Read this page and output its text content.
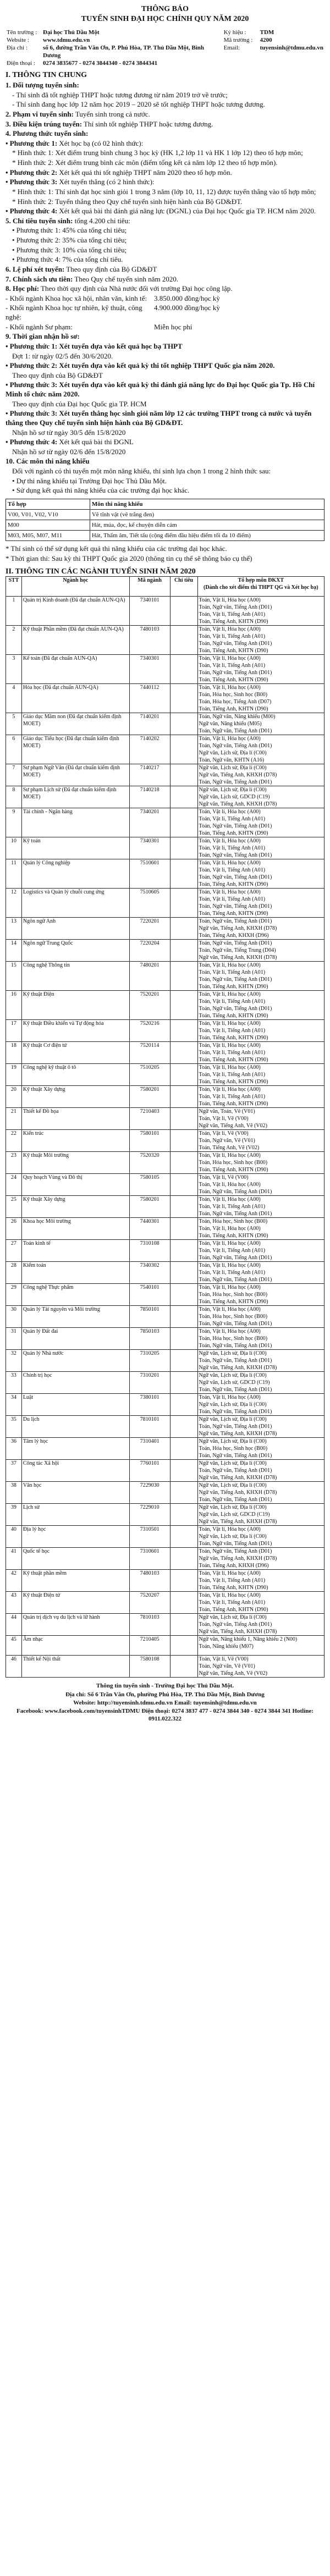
THÔNG BÁO
TUYỂN SINH ĐẠI HỌC CHÍNH QUY NĂM 2020
Tên trường :	Đại học Thủ Dầu Một	Ký hiệu :	TDM
Website :	www.tdmu.edu.vn	Mã trường :	4200
Địa chỉ :	số 6, đường Trần Văn Ơn, P. Phú Hòa, TP. Thủ Dầu Một, Bình Dương	Email:	tuyensinh@tdmu.edu.vn
Điện thoại :	0274 3835677 - 0274 3844340 - 0274 3844341		
I. THÔNG TIN CHUNG
1. Đối tượng tuyển sinh:
- Thí sinh đã tốt nghiệp THPT hoặc tương đương từ năm 2019 trở về trước;
- Thí sinh đang học lớp 12 năm học 2019 – 2020 sẽ tốt nghiệp THPT hoặc tương đương.
2. Phạm vi tuyển sinh: Tuyển sinh trong cả nước.
3. Điều kiện trúng tuyển: Thí sinh tốt nghiệp THPT hoặc tương đương.
4. Phương thức tuyển sinh:
• Phương thức 1: Xét học bạ (có 02 hình thức):
* Hình thức 1: Xét điểm trung bình chung 3 học kỳ (HK 1,2 lớp 11 và HK 1 lớp 12) theo tổ hợp môn;
* Hình thức 2: Xét điểm trung bình các môn (điểm tổng kết cả năm lớp 12 theo tổ hợp môn).
• Phương thức 2: Xét kết quả thi tốt nghiệp THPT năm 2020 theo tổ hợp môn.
• Phương thức 3: Xét tuyển thẳng (có 2 hình thức):
* Hình thức 1: Thí sinh đạt học sinh giỏi 1 trong 3 năm (lớp 10, 11, 12) được tuyển thẳng vào tổ hợp môn;
* Hình thức 2: Tuyển thẳng theo Quy chế tuyển sinh hiện hành của Bộ GD&ĐT.
• Phương thức 4: Xét kết quả bài thi đánh giá năng lực (ĐGNL) của Đại học Quốc gia TP. HCM năm 2020.
5. Chỉ tiêu tuyển sinh: tổng 4.200 chỉ tiêu:
• Phương thức 1: 45% của tổng chỉ tiêu;
• Phương thức 2: 35% của tổng chỉ tiêu;
• Phương thức 3: 10% của tổng chỉ tiêu;
• Phương thức 4: 7% của tổng chỉ tiêu.
6. Lệ phí xét tuyển: Theo quy định của Bộ GD&ĐT
7. Chính sách ưu tiên: Theo Quy chế tuyển sinh năm 2020.
8. Học phí: Theo thời quy định của Nhà nước đối với trường Đại học công lập.
- Khối ngành Khoa học xã hội, nhân văn, kinh tế: 3.850.000 đồng/học kỳ
- Khối ngành Khoa học tự nhiên, kỹ thuật, công nghệ:
4.900.000 đồng/học kỳ
- Khối ngành Sư phạm:	Miễn học phí
9. Thời gian nhận hồ sơ:
• Phương thức 1: Xét tuyển dựa vào kết quả học bạ THPT
Đợt 1: từ ngày 02/5 đến 30/6/2020.
• Phương thức 2: Xét tuyển dựa vào kết quả kỳ thi tốt nghiệp THPT Quốc gia năm 2020.
Theo quy định của Bộ GD&ĐT
• Phương thức 3: Xét tuyển dựa vào kết quả kỳ thi đánh giá năng lực do Đại học Quốc gia Tp. Hồ Chí Minh tổ chức năm 2020.
Theo quy định của Đại học Quốc gia TP. HCM
• Phương thức 3: Xét tuyển thẳng học sinh giỏi năm lớp 12 các trường THPT trong cả nước và tuyển thẳng theo Quy chế tuyển sinh hiện hành của Bộ GD&ĐT.
Nhận hồ sơ từ ngày 30/5 đến 15/8/2020
• Phương thức 4: Xét kết quả bài thi ĐGNL
Nhận hồ sơ từ ngày 02/6 đến 15/8/2020
10. Các môn thi năng khiếu
Đối với ngành có thi tuyển một môn năng khiếu, thí sinh lựa chọn 1 trong 2 hình thức sau:
• Dự thi năng khiếu tại Trường Đại học Thủ Dầu Một.
• Sử dụng kết quả thi năng khiếu của các trường đại học khác.
Tổ hợp	Môn thi năng khiếu
V00, V01, V02, V10	Vẽ tĩnh vật (vẽ trắng đen)
M00	Hát, múa, đọc, kể chuyện diễn cảm
M03, M05, M07, M11	Hát, Thẩm âm, Tiết tấu (cộng điểm đầu hiệu điểm tối đa 10 điểm)
* Thí sinh có thể sử dụng kết quả thi năng khiếu của các trường đại học khác.
* Thời gian thi: Sau kỳ thi THPT Quốc gia 2020 (thông tin cụ thể sẽ thông báo cụ thể)
II. THÔNG TIN CÁC NGÀNH TUYỂN SINH NĂM 2020
STT	Ngành học	Mã ngành	Chỉ tiêu	Tổ hợp môn ĐKXT
(Dành cho xét điểm thi THPT QG và Xét học bạ)
1	Quản trị Kinh doanh (Đã đạt chuẩn AUN-QA)	7340101		Toán, Vật lí, Hóa học (A00)
Toán, Ngữ văn, Tiếng Anh (D01)
Toán, Vật lí, Tiếng Anh (A01)
Toán, Tiếng Anh, KHTN (D90)

2	Kỹ thuật Phần mềm (Đã đạt chuẩn AUN-QA)	7480103		Toán, Vật lí, Hóa học (A00)
Toán, Vật lí, Tiếng Anh (A01)
Toán, Ngữ văn, Tiếng Anh (D01)
Toán, Tiếng Anh, KHTN (D90)

3	Kế toán (Đã đạt chuẩn AUN-QA)	7340301		Toán, Vật lí, Hóa học (A00)
Toán, Vật lí, Tiếng Anh (A01)
Toán, Ngữ văn, Tiếng Anh (D01)
Toán, Tiếng Anh, KHTN (D90)

4	Hóa học (Đã đạt chuẩn AUN-QA)	7440112		Toán, Vật lí, Hóa học (A00)
Toán, Hóa học, Sinh học (B00)
Toán, Hóa học, Tiếng Anh (D07)
Toán, Tiếng Anh, KHTN (D90)

5	Giáo dục Mầm non (Đã đạt chuẩn kiểm định MOET)	7140201		Toán, Ngữ văn, Năng khiếu (M00)
Ngữ văn, Năng khiếu (M05)
Toán, Ngữ văn, Tiếng Anh (D01)

6	Giáo dục Tiểu học (Đã đạt chuẩn kiểm định MOET)	7140202		Toán, Vật lí, Hóa học (A00)
Toán, Ngữ văn, Tiếng Anh (D01)
Ngữ văn, Lịch sử, Địa lí (C00)
Toán, Ngữ văn, KHTN (A16)

7	Sư phạm Ngữ Văn (Đã đạt chuẩn kiểm định MOET)	7140217		Ngữ văn, Lịch sử, Địa lí (C00)
Ngữ văn, Tiếng Anh, KHXH (D78)
Toán, Ngữ văn, Tiếng Anh (D01)

8	Sư phạm Lịch sử (Đã đạt chuẩn kiểm định MOET)	7140218		Ngữ văn, Lịch sử, Địa lí (C00)
Ngữ văn, Lịch sử, GDCD (C19)
Ngữ văn, Tiếng Anh, KHXH (D78)

9	Tài chính - Ngân hàng	7340201		Toán, Vật lí, Hóa học (A00)
Toán, Vật lí, Tiếng Anh (A01)
Toán, Ngữ văn, Tiếng Anh (D01)
Toán, Tiếng Anh, KHTN (D90)

10	Kỹ toán	7340301		Toán, Vật lí, Hóa học (A00)
Toán, Vật lí, Tiếng Anh (A01)
Toán, Ngữ văn, Tiếng Anh (D01)

11	Quản lý Công nghiệp	7510601		Toán, Vật lí, Hóa học (A00)
Toán, Vật lí, Tiếng Anh (A01)
Toán, Ngữ văn, Tiếng Anh (D01)
Toán, Tiếng Anh, KHTN (D90)

12	Logistics và Quản lý chuỗi cung ứng	7510605		Toán, Vật lí, Hóa học (A00)
Toán, Vật lí, Tiếng Anh (A01)
Toán, Ngữ văn, Tiếng Anh (D01)
Toán, Tiếng Anh, KHTN (D90)

13	Ngôn ngữ Anh	7220201		Toán, Ngữ văn, Tiếng Anh (D01)
Ngữ văn, Tiếng Anh, KHXH (D78)
Toán, Tiếng Anh, KHXH (D96)

14	Ngôn ngữ Trung Quốc	7220204		Toán, Ngữ văn, Tiếng Anh (D01)
Toán, Ngữ văn, Tiếng Trung (D04)
Ngữ văn, Tiếng Anh, KHXH (D78)

15	Công nghệ Thông tin	7480201		Toán, Vật lí, Hóa học (A00)
Toán, Vật lí, Tiếng Anh (A01)
Toán, Ngữ văn, Tiếng Anh (D01)
Toán, Tiếng Anh, KHTN (D90)

16	Kỹ thuật Điện	7520201		Toán, Vật lí, Hóa học (A00)
Toán, Vật lí, Tiếng Anh (A01)
Toán, Ngữ văn, Tiếng Anh (D01)
Toán, Tiếng Anh, KHTN (D90)

17	Kỹ thuật Điều khiển và Tự động hóa	7520216		Toán, Vật lí, Hóa học (A00)
Toán, Vật lí, Tiếng Anh (A01)
Toán, Tiếng Anh, KHTN (D90)

18	Kỹ thuật Cơ điện tử	7520114		Toán, Vật lí, Hóa học (A00)
Toán, Vật lí, Tiếng Anh (A01)
Toán, Tiếng Anh, KHTN (D90)

19	Công nghệ kỹ thuật ô tô	7510205		Toán, Vật lí, Hóa học (A00)
Toán, Vật lí, Tiếng Anh (A01)
Toán, Tiếng Anh, KHTN (D90)

20	Kỹ thuật Xây dựng	7580201		Toán, Vật lí, Hóa học (A00)
Toán, Vật lí, Tiếng Anh (A01)
Toán, Tiếng Anh, KHTN (D90)

21	Thiết kế Đồ họa	7210403		Ngữ văn, Toán, Vẽ (V01)
Toán, Vật lí, Vẽ (V00)
Ngữ văn, Tiếng Anh, Vẽ (V02)

22	Kiến trúc	7580101		Toán, Vật lí, Vẽ (V00)
Toán, Ngữ văn, Vẽ (V01)
Toán, Tiếng Anh, Vẽ (V02)

23	Kỹ thuật Môi trường	7520320		Toán, Vật lí, Hóa học (A00)
Toán, Hóa học, Sinh học (B00)
Toán, Tiếng Anh, KHTN (D90)

24	Quy hoạch Vùng và Đô thị	7580105		Toán, Vật lí, Vẽ (V00)
Toán, Vật lí, Hóa học (A00)
Toán, Ngữ văn, Tiếng Anh (D01)

25	Kỹ thuật Xây dựng	7580201		Toán, Vật lí, Hóa học (A00)
Toán, Vật lí, Tiếng Anh (A01)
Toán, Ngữ văn, Tiếng Anh (D01)

26	Khoa học Môi trường	7440301		Toán, Hóa học, Sinh học (B00)
Toán, Vật lí, Hóa học (A00)
Toán, Tiếng Anh, KHTN (D90)

27	Toán kinh tế	7310108		Toán, Vật lí, Hóa học (A00)
Toán, Vật lí, Tiếng Anh (A01)
Toán, Ngữ văn, Tiếng Anh (D01)

28	Kiểm toán	7340302		Toán, Vật lí, Hóa học (A00)
Toán, Vật lí, Tiếng Anh (A01)
Toán, Ngữ văn, Tiếng Anh (D01)

29	Công nghệ Thực phẩm	7540101		Toán, Vật lí, Hóa học (A00)
Toán, Hóa học, Sinh học (B00)
Toán, Tiếng Anh, KHTN (D90)

30	Quản lý Tài nguyên và Môi trường	7850101		Toán, Vật lí, Hóa học (A00)
Toán, Hóa học, Sinh học (B00)
Toán, Ngữ văn, Tiếng Anh (D01)

31	Quản lý Đất đai	7850103		Toán, Vật lí, Hóa học (A00)
Toán, Hóa học, Sinh học (B00)
Toán, Ngữ văn, Tiếng Anh (D01)

32	Quản lý Nhà nước	7310205		Ngữ văn, Lịch sử, Địa lí (C00)
Toán, Ngữ văn, Tiếng Anh (D01)
Ngữ văn, Tiếng Anh, KHXH (D78)

33	Chính trị học	7310201		Ngữ văn, Lịch sử, Địa lí (C00)
Ngữ văn, Lịch sử, GDCD (C19)
Toán, Ngữ văn, Tiếng Anh (D01)

34	Luật	7380101		Toán, Vật lí, Hóa học (A00)
Ngữ văn, Lịch sử, Địa lí (C00)
Toán, Ngữ văn, Tiếng Anh (D01)

35	Du lịch	7810101		Ngữ văn, Lịch sử, Địa lí (C00)
Toán, Ngữ văn, Tiếng Anh (D01)
Ngữ văn, Tiếng Anh, KHXH (D78)

36	Tâm lý học	7310401		Ngữ văn, Lịch sử, Địa lí (C00)
Toán, Hóa học, Sinh học (B00)
Toán, Ngữ văn, Tiếng Anh (D01)

37	Công tác Xã hội	7760101		Ngữ văn, Lịch sử, Địa lí (C00)
Toán, Ngữ văn, Tiếng Anh (D01)
Ngữ văn, Tiếng Anh, KHXH (D78)

38	Văn học	7229030		Ngữ văn, Lịch sử, Địa lí (C00)
Ngữ văn, Tiếng Anh, KHXH (D78)
Toán, Ngữ văn, Tiếng Anh (D01)

39	Lịch sử	7229010		Ngữ văn, Lịch sử, Địa lí (C00)
Ngữ văn, Lịch sử, GDCD (C19)
Ngữ văn, Tiếng Anh, KHXH (D78)

40	Địa lý học	7310501		Toán, Vật lí, Hóa học (A00)
Ngữ văn, Lịch sử, Địa lí (C00)
Toán, Ngữ văn, Tiếng Anh (D01)

41	Quốc tế học	7310601		Toán, Ngữ văn, Tiếng Anh (D01)
Ngữ văn, Tiếng Anh, KHXH (D78)
Toán, Tiếng Anh, KHXH (D96)

42	Kỹ thuật phần mềm	7480103		Toán, Vật lí, Hóa học (A00)
Toán, Vật lí, Tiếng Anh (A01)
Toán, Tiếng Anh, KHTN (D90)

43	Kỹ thuật Điện tử	7520207		Toán, Vật lí, Hóa học (A00)
Toán, Vật lí, Tiếng Anh (A01)
Toán, Tiếng Anh, KHTN (D90)

44	Quản trị dịch vụ du lịch và lữ hành	7810103		Ngữ văn, Lịch sử, Địa lí (C00)
Toán, Ngữ văn, Tiếng Anh (D01)
Ngữ văn, Tiếng Anh, KHXH (D78)

45	Âm nhạc	7210405		Ngữ văn, Năng khiếu 1, Năng khiếu 2 (N00)
Toán, Năng khiếu (M07)

46	Thiết kế Nội thất	7580108		Toán, Vật lí, Vẽ (V00)
Toán, Ngữ văn, Vẽ (V01)
Ngữ văn, Tiếng Anh, Vẽ (V02)
Thông tin tuyển sinh - Trường Đại học Thủ Dầu Một.
Địa chỉ: Số 6 Trần Văn Ơn, phường Phú Hòa, TP. Thủ Dầu Một, Bình Dương
Website: http://tuyensinh.tdmu.edu.vn Email: tuyensinh@tdmu.edu.vn
Facebook: www.facebook.com/tuyensinhTDMU Điện thoại: 0274 3837 477 - 0274 3844 340 - 0274 3844 341 Hotline: 0911.022.322
